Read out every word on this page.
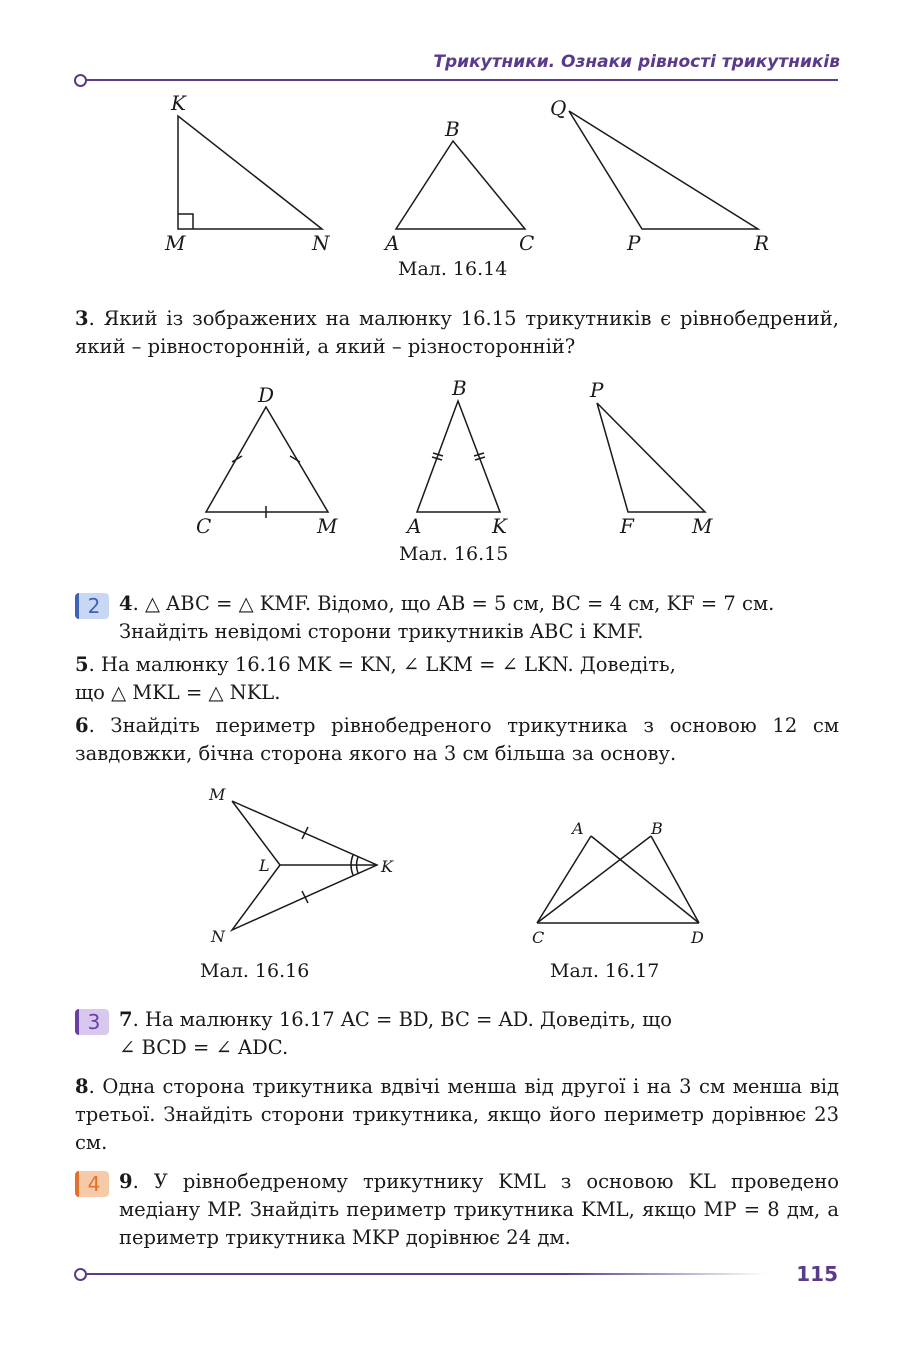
Трикутники. Ознаки рівності трикутників
K
M	N
B
A	C
Q
P	R
Мал. 16.14
3. Який із зображених на малюнку 16.15 трикутників є рівнобедрений, який – рівносторонній, а який – різносторонній?
D
C	M
B
A	K
P
F	M
Мал. 16.15
2 4. △ ABC = △ KMF. Відомо, що AB = 5 см, BC = 4 см, KF = 7 см.
Знайдіть невідомі сторони трикутників ABC і KMF.
5. На малюнку 16.16 MK = KN, ∠ LKM = ∠ LKN. Доведіть,
що △ MKL = △ NKL.
6. Знайдіть периметр рівнобедреного трикутника з основою 12 см завдовжки, бічна сторона якого на 3 см більша за основу.
M
L	K
N
A	B
C	D
Мал. 16.16	Мал. 16.17
3 7. На малюнку 16.17 AC = BD, BC = AD. Доведіть, що
∠ BCD = ∠ ADC.
8. Одна сторона трикутника вдвічі менша від другої і на 3 см менша від третьої. Знайдіть сторони трикутника, якщо його периметр дорівнює 23 см.
4 9. У рівнобедреному трикутнику KML з основою KL проведено медіану MP. Знайдіть периметр трикутника KML, якщо MP = 8 дм, а периметр трикутника MKP дорівнює 24 дм.
115
